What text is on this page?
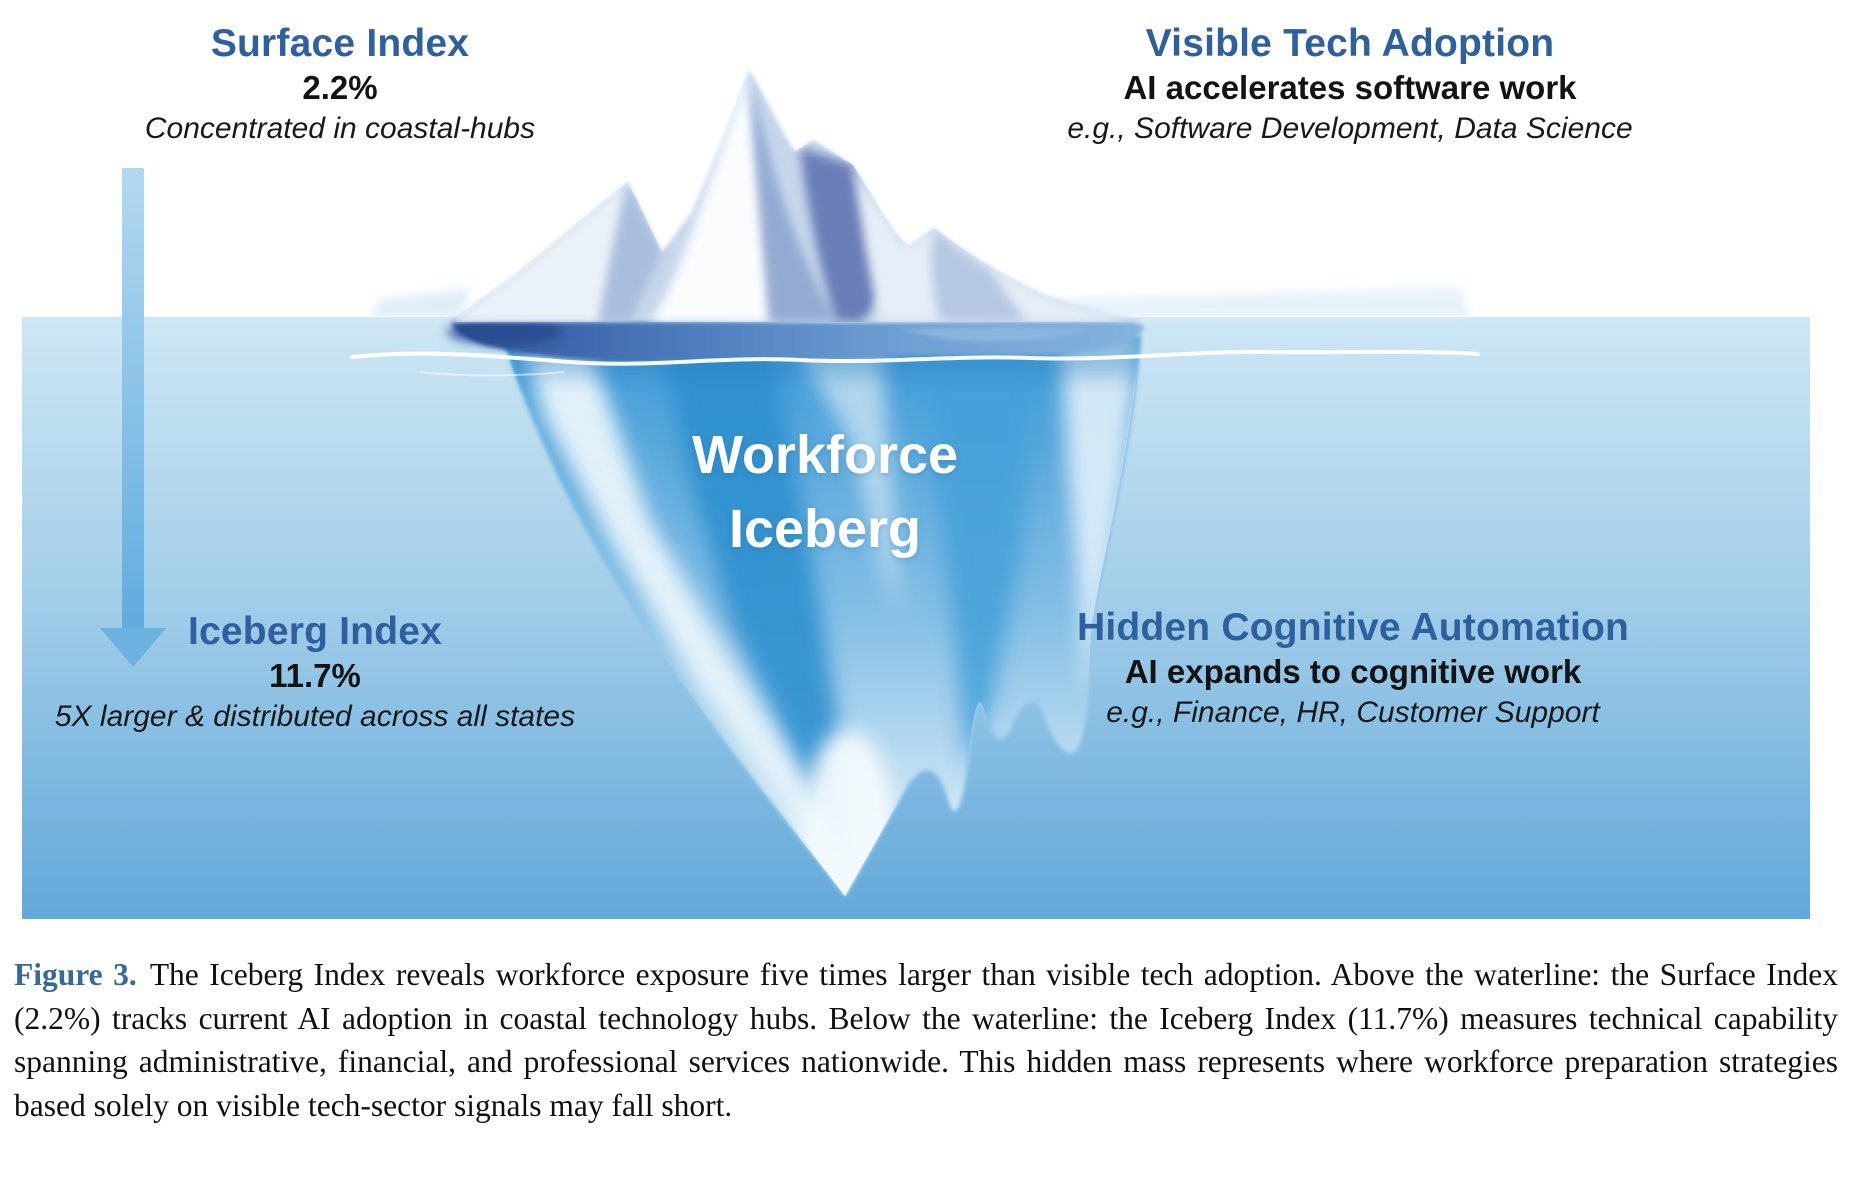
Surface Index
2.2%
Concentrated in coastal-hubs
Visible Tech Adoption
AI accelerates software work
e.g., Software Development, Data Science
Iceberg Index
11.7%
5X larger & distributed across all states
Hidden Cognitive Automation
AI expands to cognitive work
e.g., Finance, HR, Customer Support
Workforce
Iceberg
Figure 3. The Iceberg Index reveals workforce exposure five times larger than visible tech adoption. Above the waterline: the Surface Index (2.2%) tracks current AI adoption in coastal technology hubs. Below the waterline: the Iceberg Index (11.7%) measures technical capability spanning administrative, financial, and professional services nationwide. This hidden mass represents where workforce preparation strategies based solely on visible tech-sector signals may fall short.
